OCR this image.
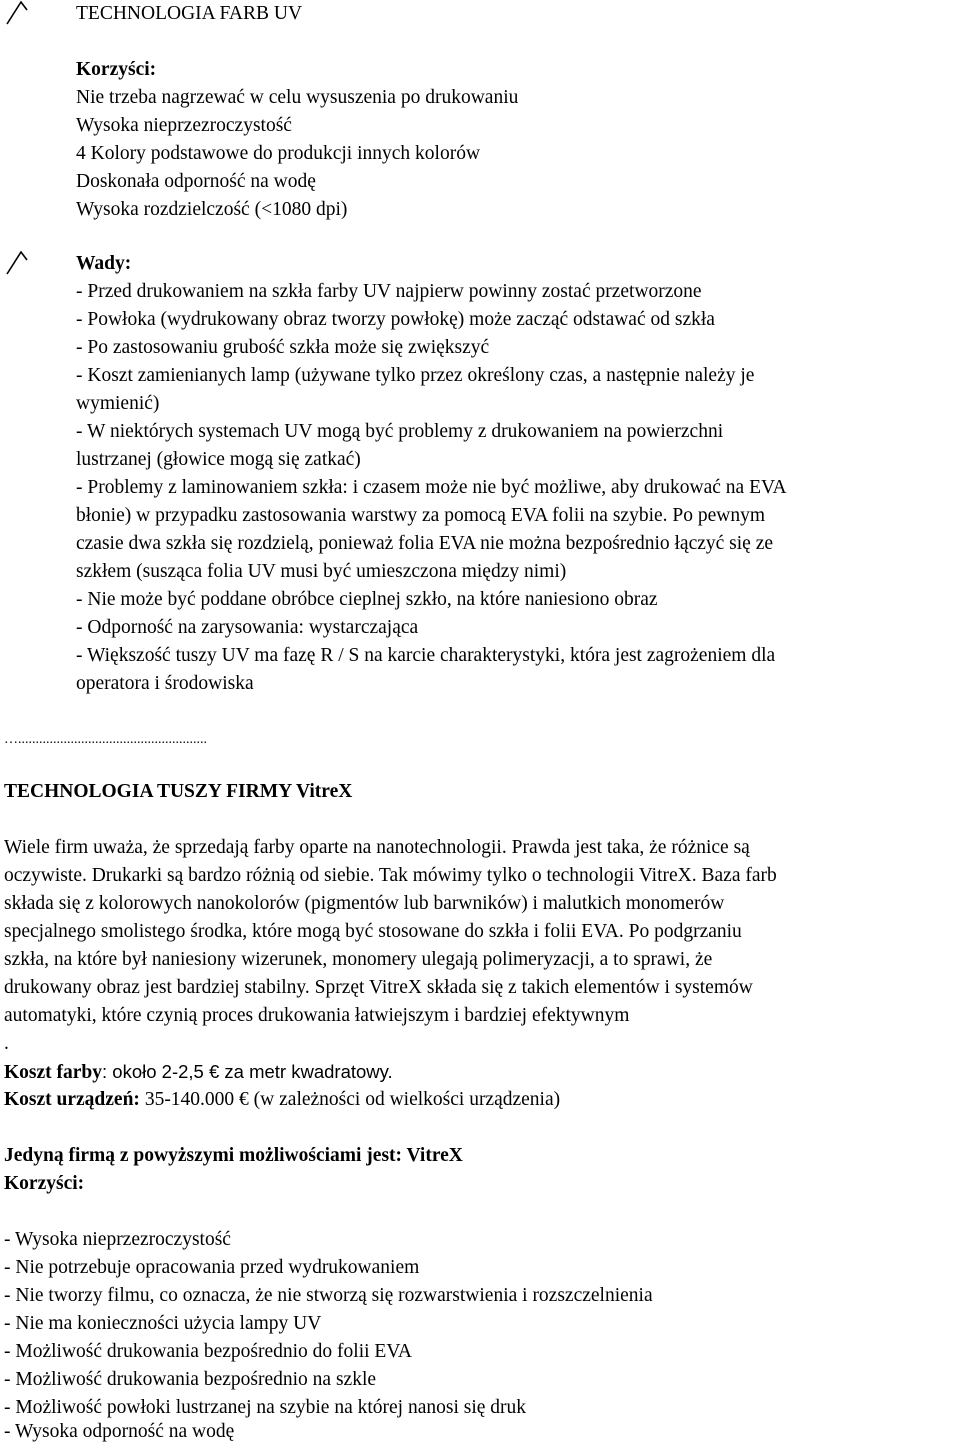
TECHNOLOGIA FARB UV
Korzyści:
Nie trzeba nagrzewać w celu wysuszenia po drukowaniu
Wysoka nieprzezroczystość
4 Kolory podstawowe do produkcji innych kolorów
Doskonała odporność na wodę
Wysoka rozdzielczość (<1080 dpi)
Wady:
- Przed drukowaniem na szkła farby UV najpierw powinny zostać przetworzone
- Powłoka (wydrukowany obraz tworzy powłokę) może zacząć odstawać od szkła
- Po zastosowaniu grubość szkła może się zwiększyć
- Koszt zamienianych lamp (używane tylko przez określony czas, a następnie należy je
wymienić)
- W niektórych systemach UV mogą być problemy z drukowaniem na powierzchni
lustrzanej (głowice mogą się zatkać)
- Problemy z laminowaniem szkła: i czasem może nie być możliwe, aby drukować na EVA
błonie) w przypadku zastosowania warstwy za pomocą EVA folii na szybie. Po pewnym
czasie dwa szkła się rozdzielą, ponieważ folia EVA nie można bezpośrednio łączyć się ze
szkłem (susząca folia UV musi być umieszczona między nimi)
- Nie może być poddane obróbce cieplnej szkło, na które naniesiono obraz
- Odporność na zarysowania: wystarczająca
- Większość tuszy UV ma fazę R / S na karcie charakterystyki, która jest zagrożeniem dla
operatora i środowiska
…......................................................
TECHNOLOGIA TUSZY FIRMY VitreX
Wiele firm uważa, że sprzedają farby oparte na nanotechnologii. Prawda jest taka, że różnice są
oczywiste. Drukarki są bardzo różnią od siebie. Tak mówimy tylko o technologii VitreX. Baza farb
składa się z kolorowych nanokolorów (pigmentów lub barwników) i malutkich monomerów
specjalnego smolistego środka, które mogą być stosowane do szkła i folii EVA. Po podgrzaniu
szkła, na które był naniesiony wizerunek, monomery ulegają polimeryzacji, a to sprawi, że
drukowany obraz jest bardziej stabilny. Sprzęt VitreX składa się z takich elementów i systemów
automatyki, które czynią proces drukowania łatwiejszym i bardziej efektywnym
.
Koszt farby: około 2-2,5 € za metr kwadratowy.
Koszt urządzeń: 35-140.000 € (w zależności od wielkości urządzenia)
Jedyną firmą z powyższymi możliwościami jest: VitreX
Korzyści:
- Wysoka nieprzezroczystość
- Nie potrzebuje opracowania przed wydrukowaniem
- Nie tworzy filmu, co oznacza, że nie stworzą się rozwarstwienia i rozszczelnienia
- Nie ma konieczności użycia lampy UV
- Możliwość drukowania bezpośrednio do folii EVA
- Możliwość drukowania bezpośrednio na szkle
- Możliwość powłoki lustrzanej na szybie na której nanosi się druk
- Wysoka odporność na wodę
